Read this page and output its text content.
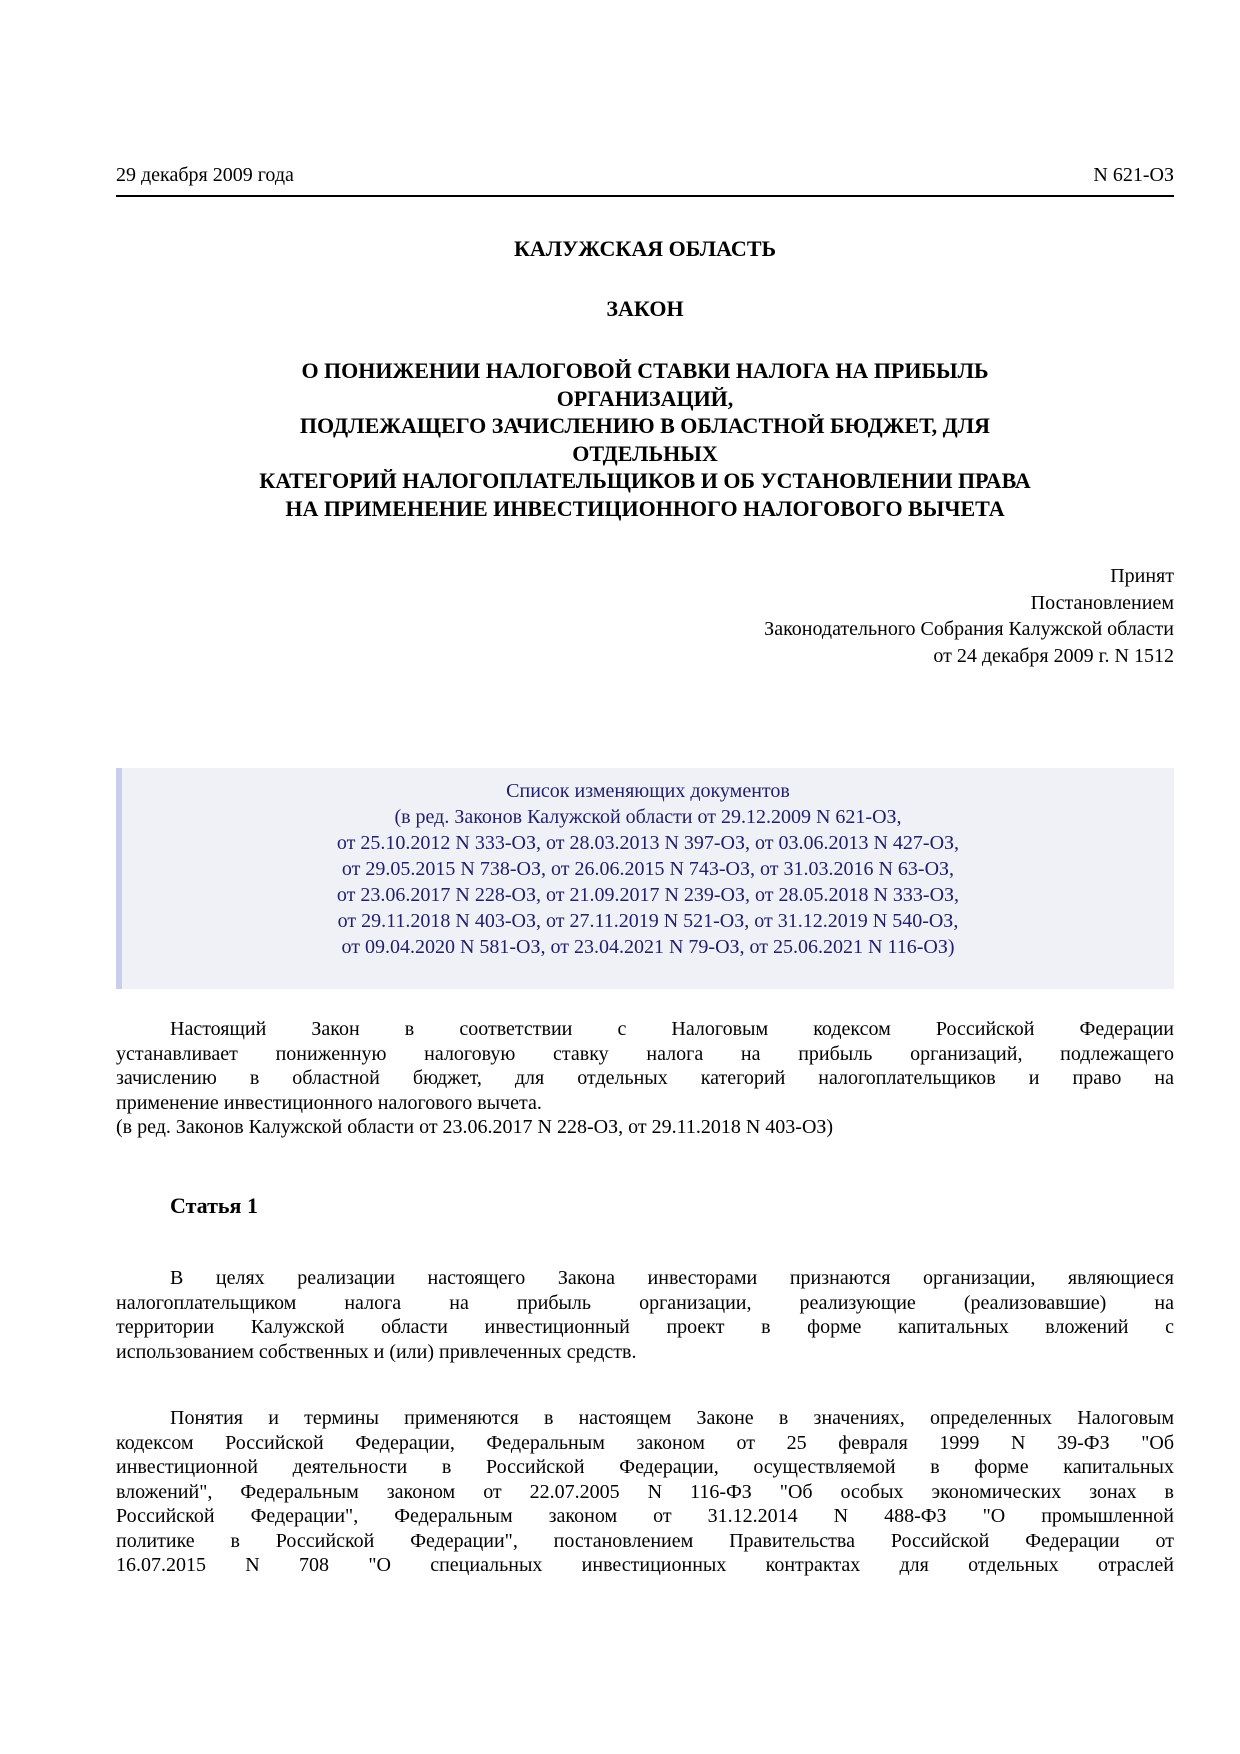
29 декабря 2009 года	N 621-ОЗ
КАЛУЖСКАЯ ОБЛАСТЬ
ЗАКОН
О ПОНИЖЕНИИ НАЛОГОВОЙ СТАВКИ НАЛОГА НА ПРИБЫЛЬ
ОРГАНИЗАЦИЙ,
ПОДЛЕЖАЩЕГО ЗАЧИСЛЕНИЮ В ОБЛАСТНОЙ БЮДЖЕТ, ДЛЯ
ОТДЕЛЬНЫХ
КАТЕГОРИЙ НАЛОГОПЛАТЕЛЬЩИКОВ И ОБ УСТАНОВЛЕНИИ ПРАВА
НА ПРИМЕНЕНИЕ ИНВЕСТИЦИОННОГО НАЛОГОВОГО ВЫЧЕТА
Принят
Постановлением
Законодательного Собрания Калужской области
от 24 декабря 2009 г. N 1512
Список изменяющих документов
(в ред. Законов Калужской области от 29.12.2009 N 621-ОЗ,
от 25.10.2012 N 333-ОЗ, от 28.03.2013 N 397-ОЗ, от 03.06.2013 N 427-ОЗ,
от 29.05.2015 N 738-ОЗ, от 26.06.2015 N 743-ОЗ, от 31.03.2016 N 63-ОЗ,
от 23.06.2017 N 228-ОЗ, от 21.09.2017 N 239-ОЗ, от 28.05.2018 N 333-ОЗ,
от 29.11.2018 N 403-ОЗ, от 27.11.2019 N 521-ОЗ, от 31.12.2019 N 540-ОЗ,
от 09.04.2020 N 581-ОЗ, от 23.04.2021 N 79-ОЗ, от 25.06.2021 N 116-ОЗ)
Настоящий Закон в соответствии с Налоговым кодексом Российской Федерации
устанавливает пониженную налоговую ставку налога на прибыль организаций, подлежащего
зачислению в областной бюджет, для отдельных категорий налогоплательщиков и право на
применение инвестиционного налогового вычета.
(в ред. Законов Калужской области от 23.06.2017 N 228-ОЗ, от 29.11.2018 N 403-ОЗ)
Статья 1
В целях реализации настоящего Закона инвесторами признаются организации, являющиеся
налогоплательщиком налога на прибыль организации, реализующие (реализовавшие) на
территории Калужской области инвестиционный проект в форме капитальных вложений с
использованием собственных и (или) привлеченных средств.
Понятия и термины применяются в настоящем Законе в значениях, определенных Налоговым
кодексом Российской Федерации, Федеральным законом от 25 февраля 1999 N 39-ФЗ "Об
инвестиционной деятельности в Российской Федерации, осуществляемой в форме капитальных
вложений", Федеральным законом от 22.07.2005 N 116-ФЗ "Об особых экономических зонах в
Российской Федерации", Федеральным законом от 31.12.2014 N 488-ФЗ "О промышленной
политике в Российской Федерации", постановлением Правительства Российской Федерации от
16.07.2015 N 708 "О специальных инвестиционных контрактах для отдельных отраслей
